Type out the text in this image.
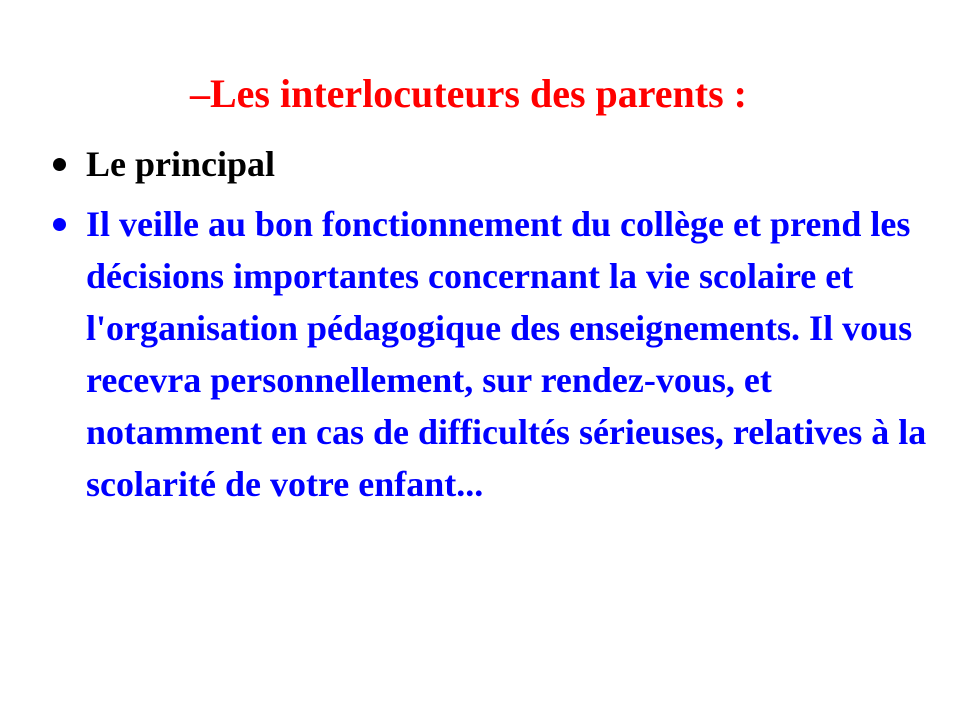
–Les interlocuteurs des parents :
Le principal
Il veille au bon fonctionnement du collège et prend les décisions importantes concernant la vie scolaire et l'organisation pédagogique des enseignements. Il vous recevra personnellement, sur rendez-vous, et notamment en cas de difficultés sérieuses, relatives à la scolarité de votre enfant...
